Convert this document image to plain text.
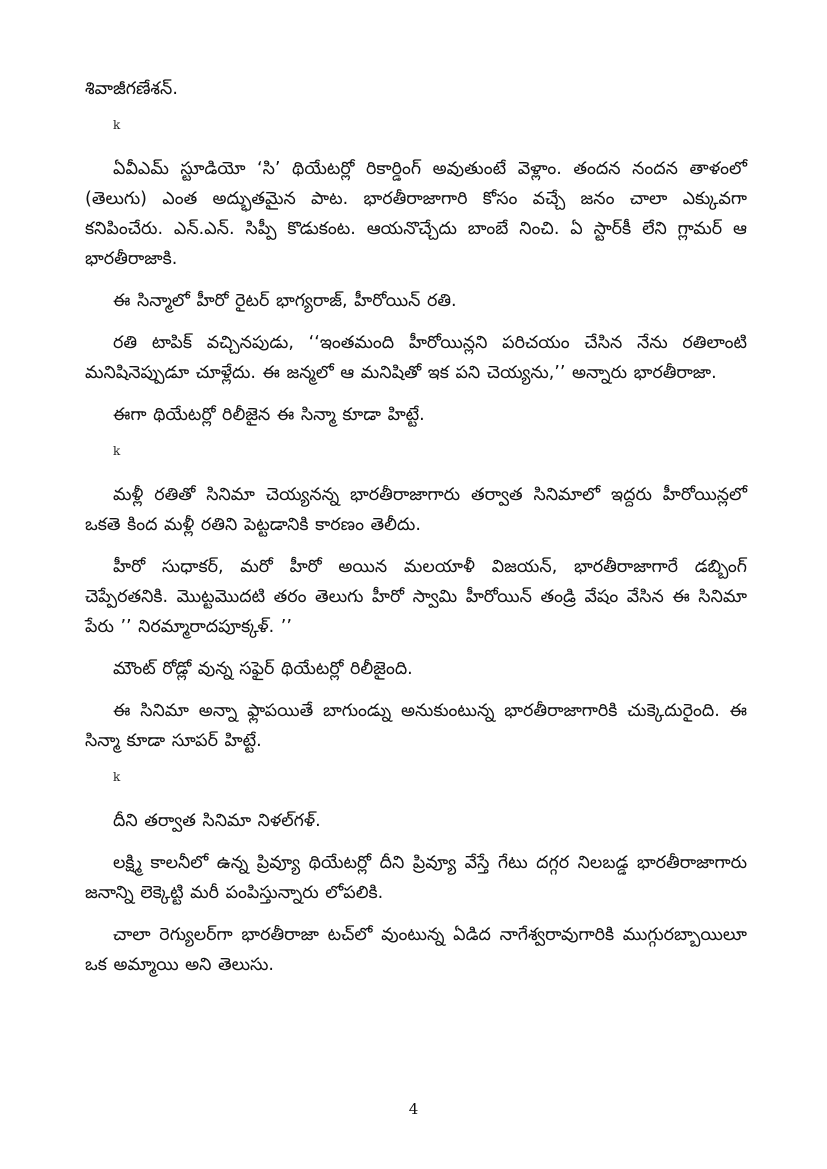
శివాజీగణేశన్.

k

ఏవీఎమ్ స్టూడియో ‘సి’ థియేటర్లో రికార్డింగ్ అవుతుంటే వెళ్లాం. తందన నందన తాళంలో (తెలుగు) ఎంత అద్భుతమైన పాట. భారతీరాజాగారి కోసం వచ్చే జనం చాలా ఎక్కువగా కనిపించేరు. ఎన్.ఎన్. సిప్పీ కొడుకంట. ఆయనొచ్చేదు బాంబే నించి. ఏ స్టార్‌కీ లేని గ్లామర్ ఆ భారతీరాజాకి.

ఈ సిన్మాలో హీరో రైటర్ భాగ్యరాజ్, హీరోయిన్ రతి.

రతి టాపిక్ వచ్చినపుడు, ‘‘ఇంతమంది హీరోయిన్లని పరిచయం చేసిన నేను రతిలాంటి మనిషినెప్పుడూ చూళ్లేదు. ఈ జన్మలో ఆ మనిషితో ఇక పని చెయ్యను,’’ అన్నారు భారతీరాజా.

ఈగా థియేటర్లో రిలీజైన ఈ సిన్మా కూడా హిట్టే.

k

మళ్లీ రతితో సినిమా చెయ్యనన్న భారతీరాజాగారు తర్వాత సినిమాలో ఇద్దరు హీరోయిన్లలో ఒకతె కింద మళ్లీ రతిని పెట్టడానికి కారణం తెలీదు.

హీరో సుధాకర్, మరో హీరో అయిన మలయాళీ విజయన్, భారతీరాజాగారే డబ్బింగ్ చెప్పేరతనికి. మొట్టమొదటి తరం తెలుగు హీరో స్వామి హీరోయిన్ తండ్రి వేషం వేసిన ఈ సినిమా పేరు ’’ నిరమ్మారాదపూక్కళ్. ’’

మౌంట్ రోడ్లో వున్న సఫైర్ థియేటర్లో రిలీజైంది.

ఈ సినిమా అన్నా ఫ్లాపయితే బాగుండ్ను అనుకుంటున్న భారతీరాజాగారికి చుక్కెదురైంది. ఈ సిన్మా కూడా సూపర్ హిట్టే.

k

దీని తర్వాత సినిమా నిళల్‌గళ్.

లక్ష్మి కాలనీలో ఉన్న ప్రివ్యూ థియేటర్లో దీని ప్రివ్యూ వేస్తే గేటు దగ్గర నిలబడ్డ భారతీరాజాగారు జనాన్ని లెక్కెట్టి మరీ పంపిస్తున్నారు లోపలికి.

చాలా రెగ్యులర్‌గా భారతీరాజా టచ్‌లో వుంటున్న ఏడిద నాగేశ్వరావుగారికి ముగ్గురబ్బాయిలూ ఒక అమ్మాయి అని తెలుసు.

4
